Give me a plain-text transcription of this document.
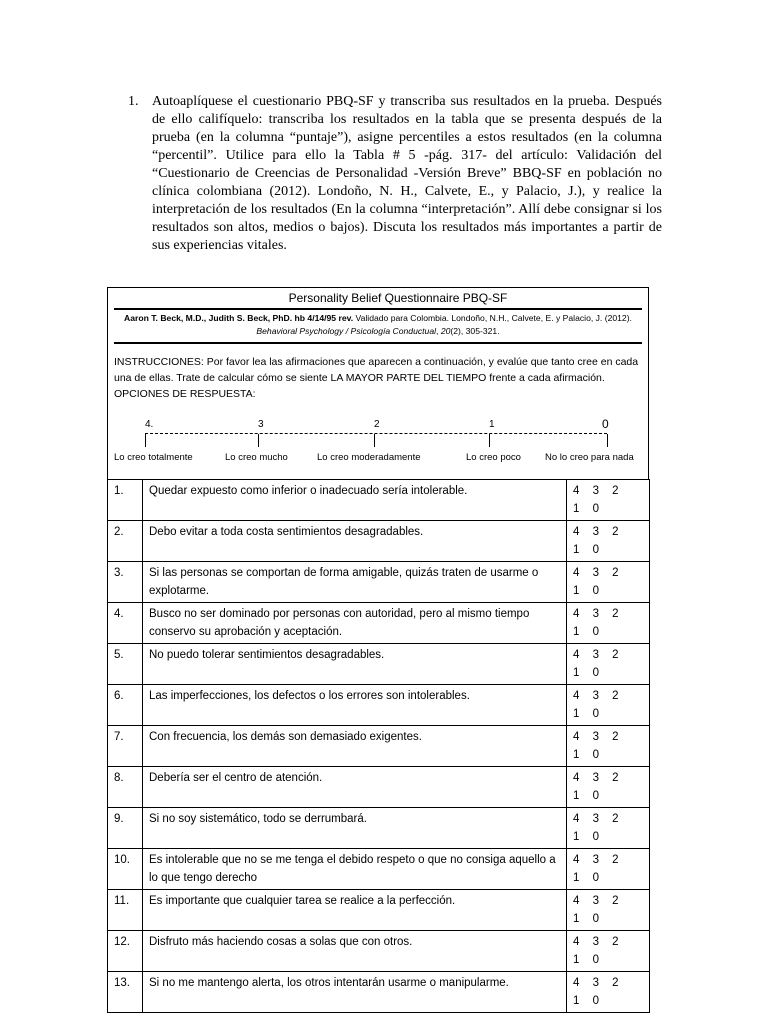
1. Autoaplíquese el cuestionario PBQ-SF y transcriba sus resultados en la prueba. Después de ello califíquelo: transcriba los resultados en la tabla que se presenta después de la prueba (en la columna “puntaje”), asigne percentiles a estos resultados (en la columna “percentil”. Utilice para ello la Tabla # 5 -pág. 317- del artículo: Validación del “Cuestionario de Creencias de Personalidad -Versión Breve” BBQ-SF en población no clínica colombiana (2012). Londoño, N. H., Calvete, E., y Palacio, J.), y realice la interpretación de los resultados (En la columna “interpretación”. Allí debe consignar si los resultados son altos, medios o bajos). Discuta los resultados más importantes a partir de sus experiencias vitales.
Personality Belief Questionnaire PBQ-SF
Aaron T. Beck, M.D., Judith S. Beck, PhD. hb 4/14/95 rev. Validado para Colombia. Londoño, N.H., Calvete, E. y Palacio, J. (2012). Behavioral Psychology / Psicología Conductual, 20(2), 305-321.
INSTRUCCIONES: Por favor lea las afirmaciones que aparecen a continuación, y evalúe que tanto cree en cada una de ellas. Trate de calcular cómo se siente LA MAYOR PARTE DEL TIEMPO frente a cada afirmación. OPCIONES DE RESPUESTA:
4.	3	2	1	0
Lo creo totalmente	Lo creo mucho	Lo creo moderadamente	Lo creo poco	No lo creo para nada
1.	Quedar expuesto como inferior o inadecuado sería intolerable.	4 3 2 1 0
2.	Debo evitar a toda costa sentimientos desagradables.	4 3 2 1 0
3.	Si las personas se comportan de forma amigable, quizás traten de usarme o explotarme.	4 3 2 1 0
4.	Busco no ser dominado por personas con autoridad, pero al mismo tiempo conservo su aprobación y aceptación.	4 3 2 1 0
5.	No puedo tolerar sentimientos desagradables.	4 3 2 1 0
6.	Las imperfecciones, los defectos o los errores son intolerables.	4 3 2 1 0
7.	Con frecuencia, los demás son demasiado exigentes.	4 3 2 1 0
8.	Debería ser el centro de atención.	4 3 2 1 0
9.	Si no soy sistemático, todo se derrumbará.	4 3 2 1 0
10.	Es intolerable que no se me tenga el debido respeto o que no consiga aquello a lo que tengo derecho	4 3 2 1 0
11.	Es importante que cualquier tarea se realice a la perfección.	4 3 2 1 0
12.	Disfruto más haciendo cosas a solas que con otros.	4 3 2 1 0
13.	Si no me mantengo alerta, los otros intentarán usarme o manipularme.	4 3 2 1 0
